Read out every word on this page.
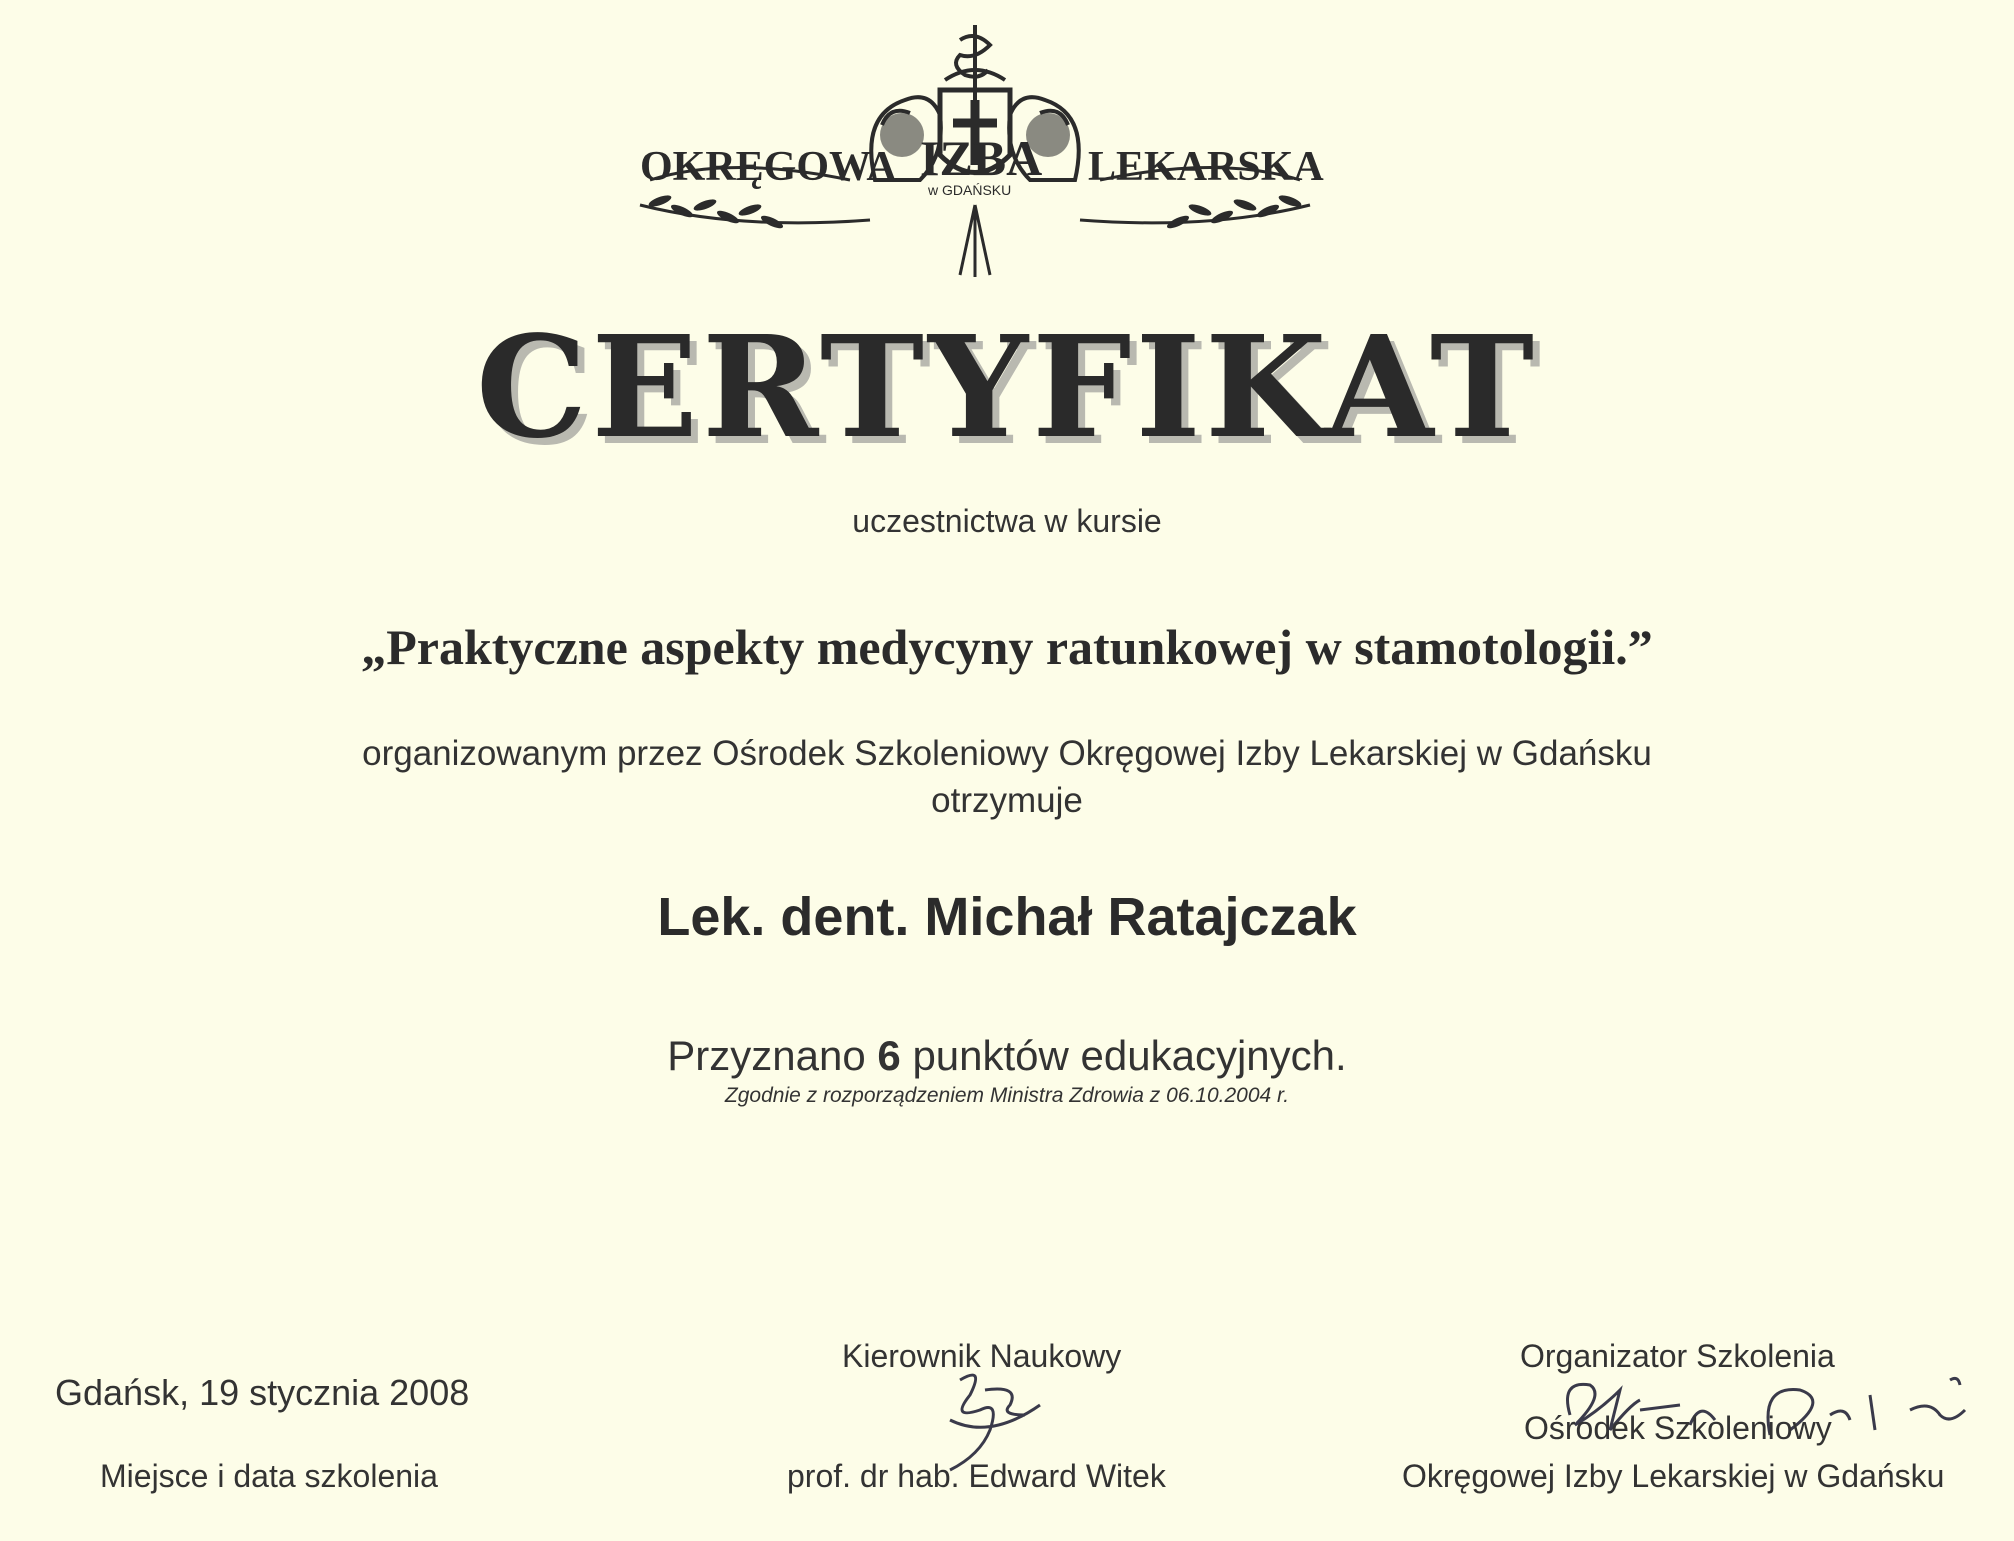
OKRĘGOWA IZBA
w GDAŃSKU LEKARSKA
CERTYFIKAT
uczestnictwa w kursie
„Praktyczne aspekty medycyny ratunkowej w stamotologii.”
organizowanym przez Ośrodek Szkoleniowy Okręgowej Izby Lekarskiej w Gdańsku
otrzymuje
Lek. dent. Michał Ratajczak
Przyznano 6 punktów edukacyjnych.
Zgodnie z rozporządzeniem Ministra Zdrowia z 06.10.2004 r.
Gdańsk, 19 stycznia 2008
Miejsce i data szkolenia
Kierownik Naukowy
prof. dr hab. Edward Witek
Organizator Szkolenia
Ośrodek Szkoleniowy
Okręgowej Izby Lekarskiej w Gdańsku
